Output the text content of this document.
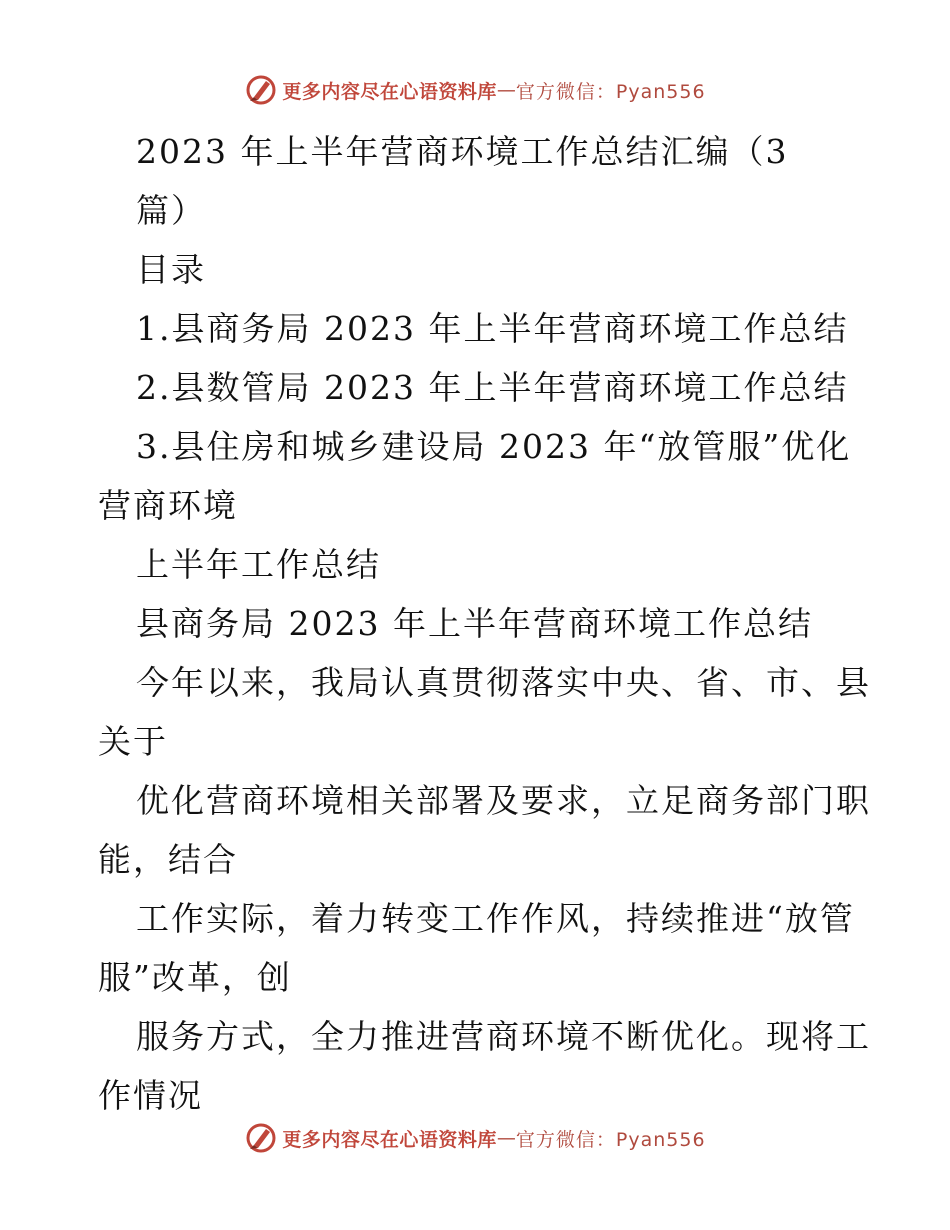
更多内容尽在心语资料库 — 官方微信：Pyan556
2023 年上半年营商环境工作总结汇编（3
篇）
目录
1.县商务局 2023 年上半年营商环境工作总结
2.县数管局 2023 年上半年营商环境工作总结
3.县住房和城乡建设局 2023 年“放管服”优化
营商环境
上半年工作总结
县商务局 2023 年上半年营商环境工作总结
今年以来，我局认真贯彻落实中央、省、市、县
关于
优化营商环境相关部署及要求，立足商务部门职
能，结合
工作实际，着力转变工作作风，持续推进“放管
服”改革，创
服务方式，全力推进营商环境不断优化。现将工
作情况
更多内容尽在心语资料库 — 官方微信：Pyan556
